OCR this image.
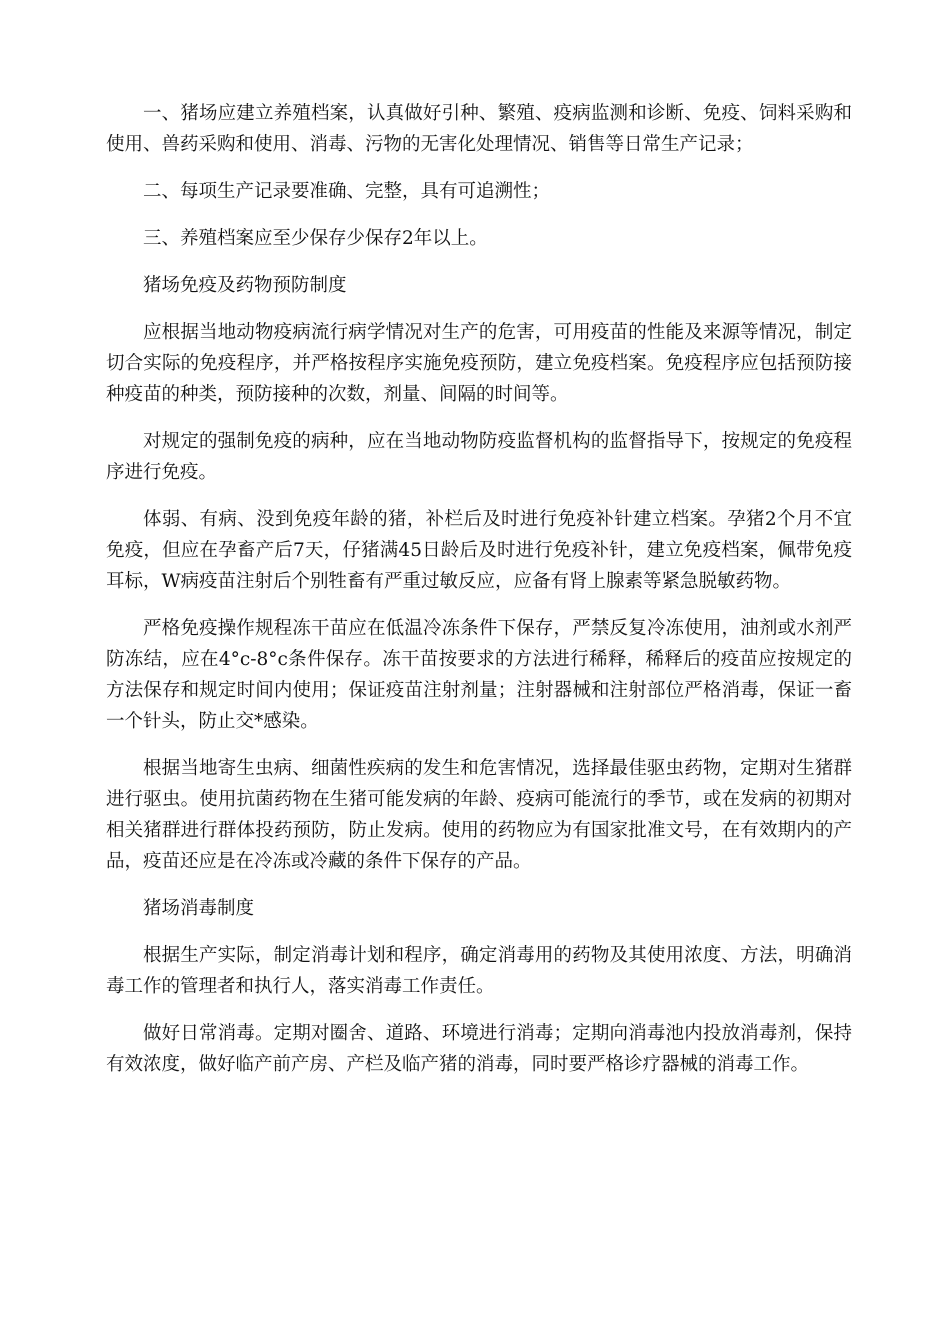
一、猪场应建立养殖档案，认真做好引种、繁殖、疫病监测和诊断、免疫、饲料采购和使用、兽药采购和使用、消毒、污物的无害化处理情况、销售等日常生产记录；

二、每项生产记录要准确、完整，具有可追溯性；

三、养殖档案应至少保存少保存2年以上。

猪场免疫及药物预防制度

应根据当地动物疫病流行病学情况对生产的危害，可用疫苗的性能及来源等情况，制定切合实际的免疫程序，并严格按程序实施免疫预防，建立免疫档案。免疫程序应包括预防接种疫苗的种类，预防接种的次数，剂量、间隔的时间等。

对规定的强制免疫的病种，应在当地动物防疫监督机构的监督指导下，按规定的免疫程序进行免疫。

体弱、有病、没到免疫年龄的猪，补栏后及时进行免疫补针建立档案。孕猪2个月不宜免疫，但应在孕畜产后7天，仔猪满45日龄后及时进行免疫补针，建立免疫档案，佩带免疫耳标，W病疫苗注射后个别牲畜有严重过敏反应，应备有肾上腺素等紧急脱敏药物。

严格免疫操作规程冻干苗应在低温冷冻条件下保存，严禁反复冷冻使用，油剂或水剂严防冻结，应在4°c-8°c条件保存。冻干苗按要求的方法进行稀释，稀释后的疫苗应按规定的方法保存和规定时间内使用；保证疫苗注射剂量；注射器械和注射部位严格消毒，保证一畜一个针头，防止交*感染。

根据当地寄生虫病、细菌性疾病的发生和危害情况，选择最佳驱虫药物，定期对生猪群进行驱虫。使用抗菌药物在生猪可能发病的年龄、疫病可能流行的季节，或在发病的初期对相关猪群进行群体投药预防，防止发病。使用的药物应为有国家批准文号，在有效期内的产品，疫苗还应是在冷冻或冷藏的条件下保存的产品。

猪场消毒制度

根据生产实际，制定消毒计划和程序，确定消毒用的药物及其使用浓度、方法，明确消毒工作的管理者和执行人，落实消毒工作责任。

做好日常消毒。定期对圈舍、道路、环境进行消毒；定期向消毒池内投放消毒剂，保持有效浓度，做好临产前产房、产栏及临产猪的消毒，同时要严格诊疗器械的消毒工作。
